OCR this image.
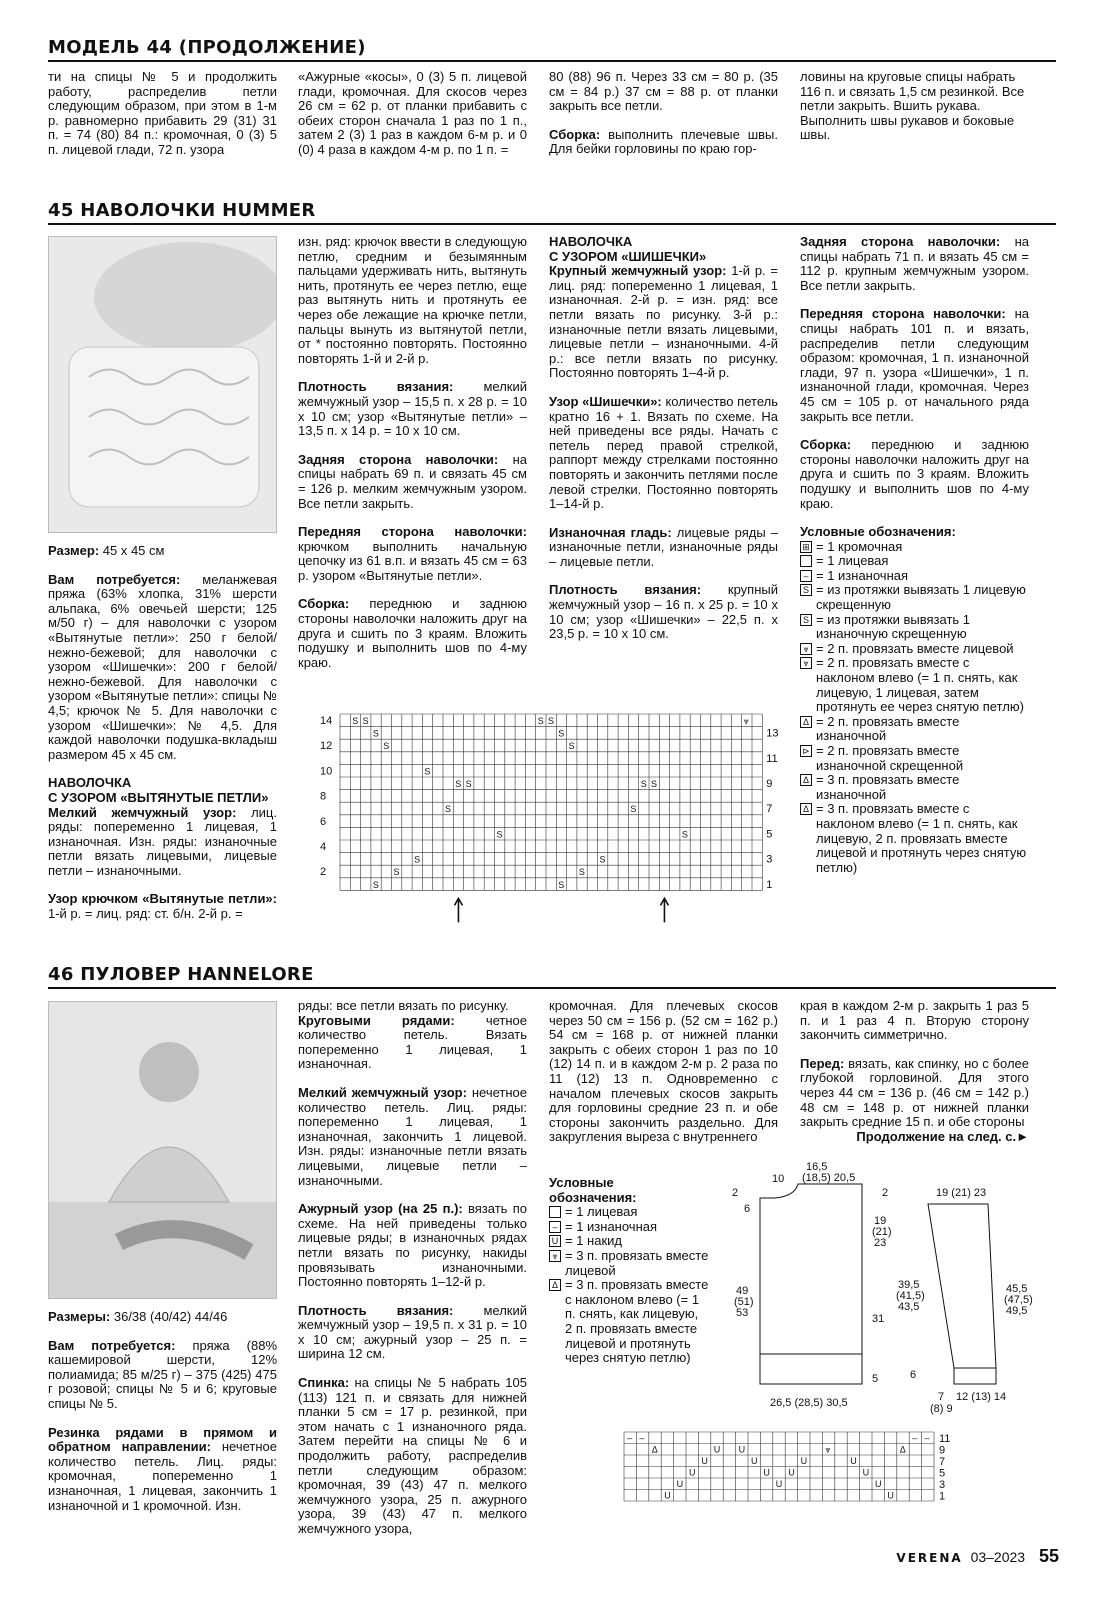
МОДЕЛЬ 44 (ПРОДОЛЖЕНИЕ)
ти на спицы № 5 и продолжить работу, распределив петли следующим образом, при этом в 1-м р. равномерно прибавить 29 (31) 31 п. = 74 (80) 84 п.: кромочная, 0 (3) 5 п. лицевой глади, 72 п. узора
«Ажурные «косы», 0 (3) 5 п. лицевой глади, кромочная. Для скосов через 26 см = 62 р. от планки прибавить с обеих сторон сначала 1 раз по 1 п., затем 2 (3) 1 раз в каждом 6-м р. и 0 (0) 4 раза в каждом 4-м р. по 1 п. =

80 (88) 96 п. Через 33 см = 80 р. (35 см = 84 р.) 37 см = 88 р. от планки закрыть все петли.

Сборка: выполнить плечевые швы. Для бейки горловины по краю гор-

ловины на круговые спицы набрать 116 п. и связать 1,5 см резинкой. Все петли закрыть. Вшить рукава. Выполнить швы рукавов и боковые швы.
45 НАВОЛОЧКИ HUMMER

Размер: 45 х 45 см

Вам потребуется: меланжевая пряжа (63% хлопка, 31% шерсти альпака, 6% овечьей шерсти; 125 м/50 г) – для наволочки с узором «Вытянутые петли»: 250 г белой/нежно-бежевой; для наволочки с узором «Шишечки»: 200 г белой/нежно-бежевой. Для наволочки с узором «Вытянутые петли»: спицы № 4,5; крючок № 5. Для наволочки с узором «Шишечки»: № 4,5. Для каждой наволочки подушка-вкладыш размером 45 х 45 см.

НАВОЛОЧКА
С УЗОРОМ «ВЫТЯНУТЫЕ ПЕТЛИ»
Мелкий жемчужный узор: лиц. ряды: попеременно 1 лицевая, 1 изнаночная. Изн. ряды: изнаночные петли вязать лицевыми, лицевые петли – изнаночными.

Узор крючком «Вытянутые петли»: 1-й р. = лиц. ряд: ст. б/н. 2-й р. =

изн. ряд: крючок ввести в следующую петлю, средним и безымянным пальцами удерживать нить, вытянуть нить, протянуть ее через петлю, еще раз вытянуть нить и протянуть ее через обе лежащие на крючке петли, пальцы вынуть из вытянутой петли, от * постоянно повторять. Постоянно повторять 1-й и 2-й р.

Плотность вязания: мелкий жемчужный узор – 15,5 п. х 28 р. = 10 х 10 см; узор «Вытянутые петли» – 13,5 п. х 14 р. = 10 х 10 см.

Задняя сторона наволочки: на спицы набрать 69 п. и связать 45 см = 126 р. мелким жемчужным узором. Все петли закрыть.

Передняя сторона наволочки: крючком выполнить начальную цепочку из 61 в.п. и вязать 45 см = 63 р. узором «Вытянутые петли».

Сборка: переднюю и заднюю стороны наволочки наложить друг на друга и сшить по 3 краям. Вложить подушку и выполнить шов по 4-му краю.

НАВОЛОЧКА
С УЗОРОМ «ШИШЕЧКИ»
Крупный жемчужный узор: 1-й р. = лиц. ряд: попеременно 1 лицевая, 1 изнаночная. 2-й р. = изн. ряд: все петли вязать по рисунку. 3-й р.: изнаночные петли вязать лицевыми, лицевые петли – изнаночными. 4-й р.: все петли вязать по рисунку. Постоянно повторять 1–4-й р.

Узор «Шишечки»: количество петель кратно 16 + 1. Вязать по схеме. На ней приведены все ряды. Начать с петель перед правой стрелкой, раппорт между стрелками постоянно повторять и закончить петлями после левой стрелки. Постоянно повторять 1–14-й р.

Изнаночная гладь: лицевые ряды – изнаночные петли, изнаночные ряды – лицевые петли.

Плотность вязания: крупный жемчужный узор – 16 п. х 25 р. = 10 х 10 см; узор «Шишечки» – 22,5 п. х 23,5 р. = 10 х 10 см.

Задняя сторона наволочки: на спицы набрать 71 п. и вязать 45 см = 112 р. крупным жемчужным узором. Все петли закрыть.

Передняя сторона наволочки: на спицы набрать 101 п. и вязать, распределив петли следующим образом: кромочная, 1 п. изнаночной глади, 97 п. узора «Шишечки», 1 п. изнаночной глади, кромочная. Через 45 см = 105 р. от начального ряда закрыть все петли.

Сборка: переднюю и заднюю стороны наволочки наложить друг на друга и сшить по 3 краям. Вложить подушку и выполнить шов по 4-му краю.

Условные обозначения:
⊞ = 1 кромочная
= 1 лицевая
– = 1 изнаночная
S = из протяжки вывязать 1 лицевую скрещенную
S = из протяжки вывязать 1 изнаночную скрещенную
⩔ = 2 п. провязать вместе лицевой
⩔ = 2 п. провязать вместе с наклоном влево (= 1 п. снять, как лицевую, 1 лицевая, затем протянуть ее через снятую петлю)
Δ = 2 п. провязать вместе изнаночной
⊳ = 2 п. провязать вместе изнаночной скрещенной
Δ = 3 п. провязать вместе изнаночной
Δ = 3 п. провязать вместе с наклоном влево (= 1 п. снять, как лицевую, 2 п. провязать вместе лицевой и протянуть через снятую петлю)
S S	S S	⩔
S	S
S	S
S
S S	S S
S	S
S	S
S	S
S	S
S	S
14
12
10
8
6
4
2
13
11
9
7
5
3
1
46 ПУЛОВЕР HANNELORE

Размеры: 36/38 (40/42) 44/46

Вам потребуется: пряжа (88% кашемировой шерсти, 12% полиамида; 85 м/25 г) – 375 (425) 475 г розовой; спицы № 5 и 6; круговые спицы № 5.

Резинка рядами в прямом и обратном направлении: нечетное количество петель. Лиц. ряды: кромочная, попеременно 1 изнаночная, 1 лицевая, закончить 1 изнаночной и 1 кромочной. Изн.

ряды: все петли вязать по рисунку.
Круговыми рядами: четное количество петель. Вязать попеременно 1 лицевая, 1 изнаночная.

Мелкий жемчужный узор: нечетное количество петель. Лиц. ряды: попеременно 1 лицевая, 1 изнаночная, закончить 1 лицевой. Изн. ряды: изнаночные петли вязать лицевыми, лицевые петли – изнаночными.

Ажурный узор (на 25 п.): вязать по схеме. На ней приведены только лицевые ряды; в изнаночных рядах петли вязать по рисунку, накиды провязывать изнаночными. Постоянно повторять 1–12-й р.

Плотность вязания: мелкий жемчужный узор – 19,5 п. х 31 р. = 10 х 10 см; ажурный узор – 25 п. = ширина 12 см.

Спинка: на спицы № 5 набрать 105 (113) 121 п. и связать для нижней планки 5 см = 17 р. резинкой, при этом начать с 1 изнаночного ряда. Затем перейти на спицы № 6 и продолжить работу, распределив петли следующим образом: кромочная, 39 (43) 47 п. мелкого жемчужного узора, 25 п. ажурного узора, 39 (43) 47 п. мелкого жемчужного узора,

кромочная. Для плечевых скосов через 50 см = 156 р. (52 см = 162 р.) 54 см = 168 р. от нижней планки закрыть с обеих сторон 1 раз по 10 (12) 14 п. и в каждом 2-м р. 2 раза по 11 (12) 13 п. Одновременно с началом плечевых скосов закрыть для горловины средние 23 п. и обе стороны закончить раздельно. Для закругления выреза с внутреннего

края в каждом 2-м р. закрыть 1 раз 5 п. и 1 раз 4 п. Вторую сторону закончить симметрично.

Перед: вязать, как спинку, но с более глубокой горловиной. Для этого через 44 см = 136 р. (46 см = 142 р.) 48 см = 148 р. от нижней планки закрыть средние 15 п. и обе стороны

Продолжение на след. с.►
Условные
обозначения:
= 1 лицевая
– = 1 изнаночная
U = 1 накид
⩔ = 3 п. провязать вместе лицевой
Δ = 3 п. провязать вместе с наклоном влево (= 1 п. снять, как лицевую, 2 п. провязать вместе лицевой и протянуть через снятую петлю)
16,5
(18,5) 20,5
10
2	2
6
19
(21)
23
49
(51)
53	31
5
26,5 (28,5) 30,5
19 (21) 23
39,5
(41,5)
43,5
45,5
(47,5)
49,5
6
7
(8) 9
12 (13) 14
– –	– –
Δ	U U	⩔	Δ
U	U	U	U
U	U U	U
U	U	U
U	U
11
9
7
5
3
1
VERENA 03–2023 55
